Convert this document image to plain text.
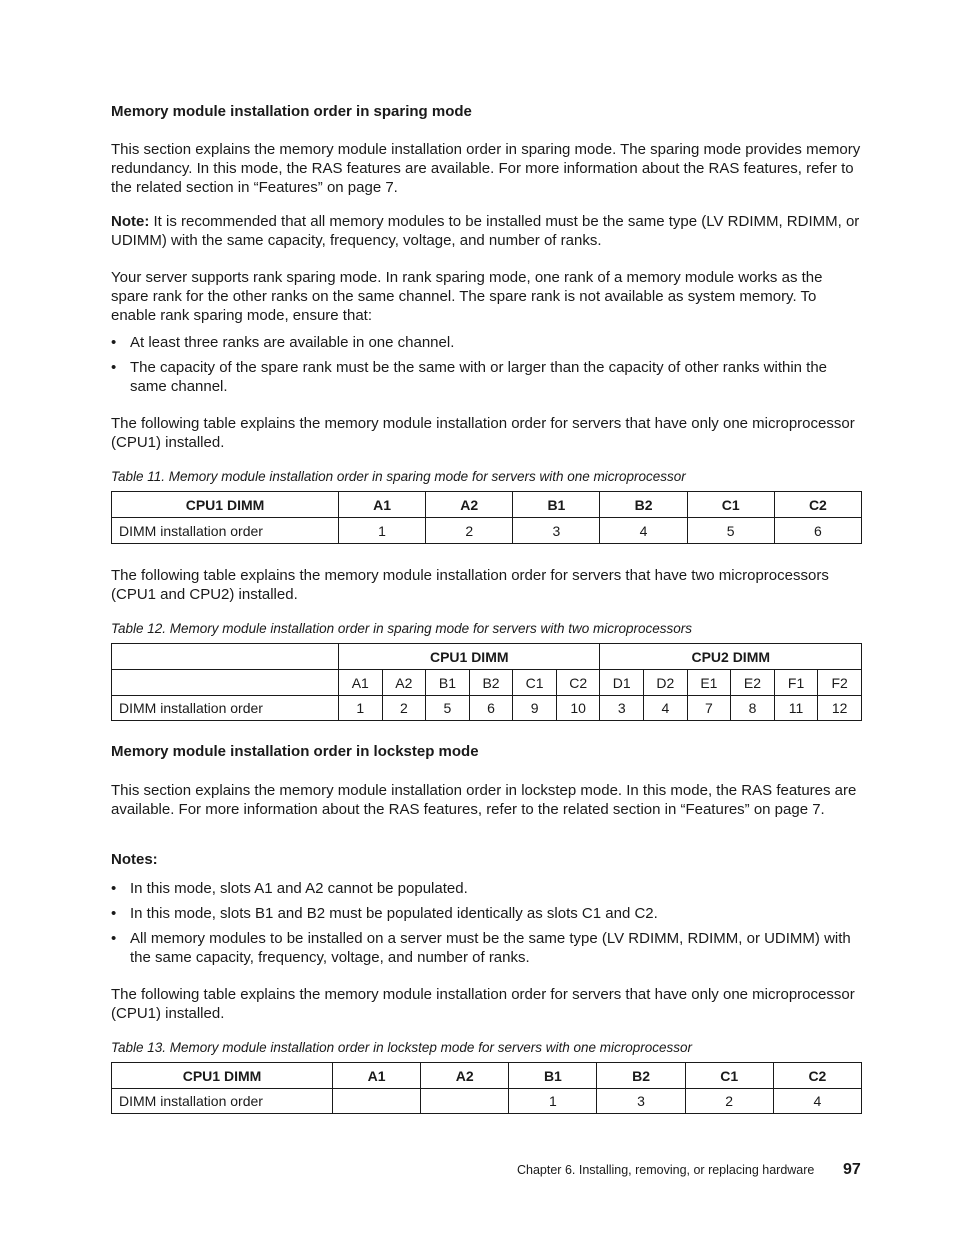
Memory module installation order in sparing mode

This section explains the memory module installation order in sparing mode. The sparing mode provides memory redundancy. In this mode, the RAS features are available. For more information about the RAS features, refer to the related section in “Features” on page 7.

Note: It is recommended that all memory modules to be installed must be the same type (LV RDIMM, RDIMM, or UDIMM) with the same capacity, frequency, voltage, and number of ranks.

Your server supports rank sparing mode. In rank sparing mode, one rank of a memory module works as the spare rank for the other ranks on the same channel. The spare rank is not available as system memory. To enable rank sparing mode, ensure that:

• At least three ranks are available in one channel.
• The capacity of the spare rank must be the same with or larger than the capacity of other ranks within the same channel.

The following table explains the memory module installation order for servers that have only one microprocessor (CPU1) installed.

Table 11. Memory module installation order in sparing mode for servers with one microprocessor

CPU1 DIMM	A1	A2	B1	B2	C1	C2
DIMM installation order	1	2	3	4	5	6

The following table explains the memory module installation order for servers that have two microprocessors (CPU1 and CPU2) installed.

Table 12. Memory module installation order in sparing mode for servers with two microprocessors

	CPU1 DIMM						CPU2 DIMM					
	A1	A2	B1	B2	C1	C2	D1	D2	E1	E2	F1	F2
DIMM installation order	1	2	5	6	9	10	3	4	7	8	11	12

Memory module installation order in lockstep mode

This section explains the memory module installation order in lockstep mode. In this mode, the RAS features are available. For more information about the RAS features, refer to the related section in “Features” on page 7.

Notes:

• In this mode, slots A1 and A2 cannot be populated.
• In this mode, slots B1 and B2 must be populated identically as slots C1 and C2.
• All memory modules to be installed on a server must be the same type (LV RDIMM, RDIMM, or UDIMM) with the same capacity, frequency, voltage, and number of ranks.

The following table explains the memory module installation order for servers that have only one microprocessor (CPU1) installed.

Table 13. Memory module installation order in lockstep mode for servers with one microprocessor

CPU1 DIMM	A1	A2	B1	B2	C1	C2
DIMM installation order			1	3	2	4
Chapter 6. Installing, removing, or replacing hardware 97
